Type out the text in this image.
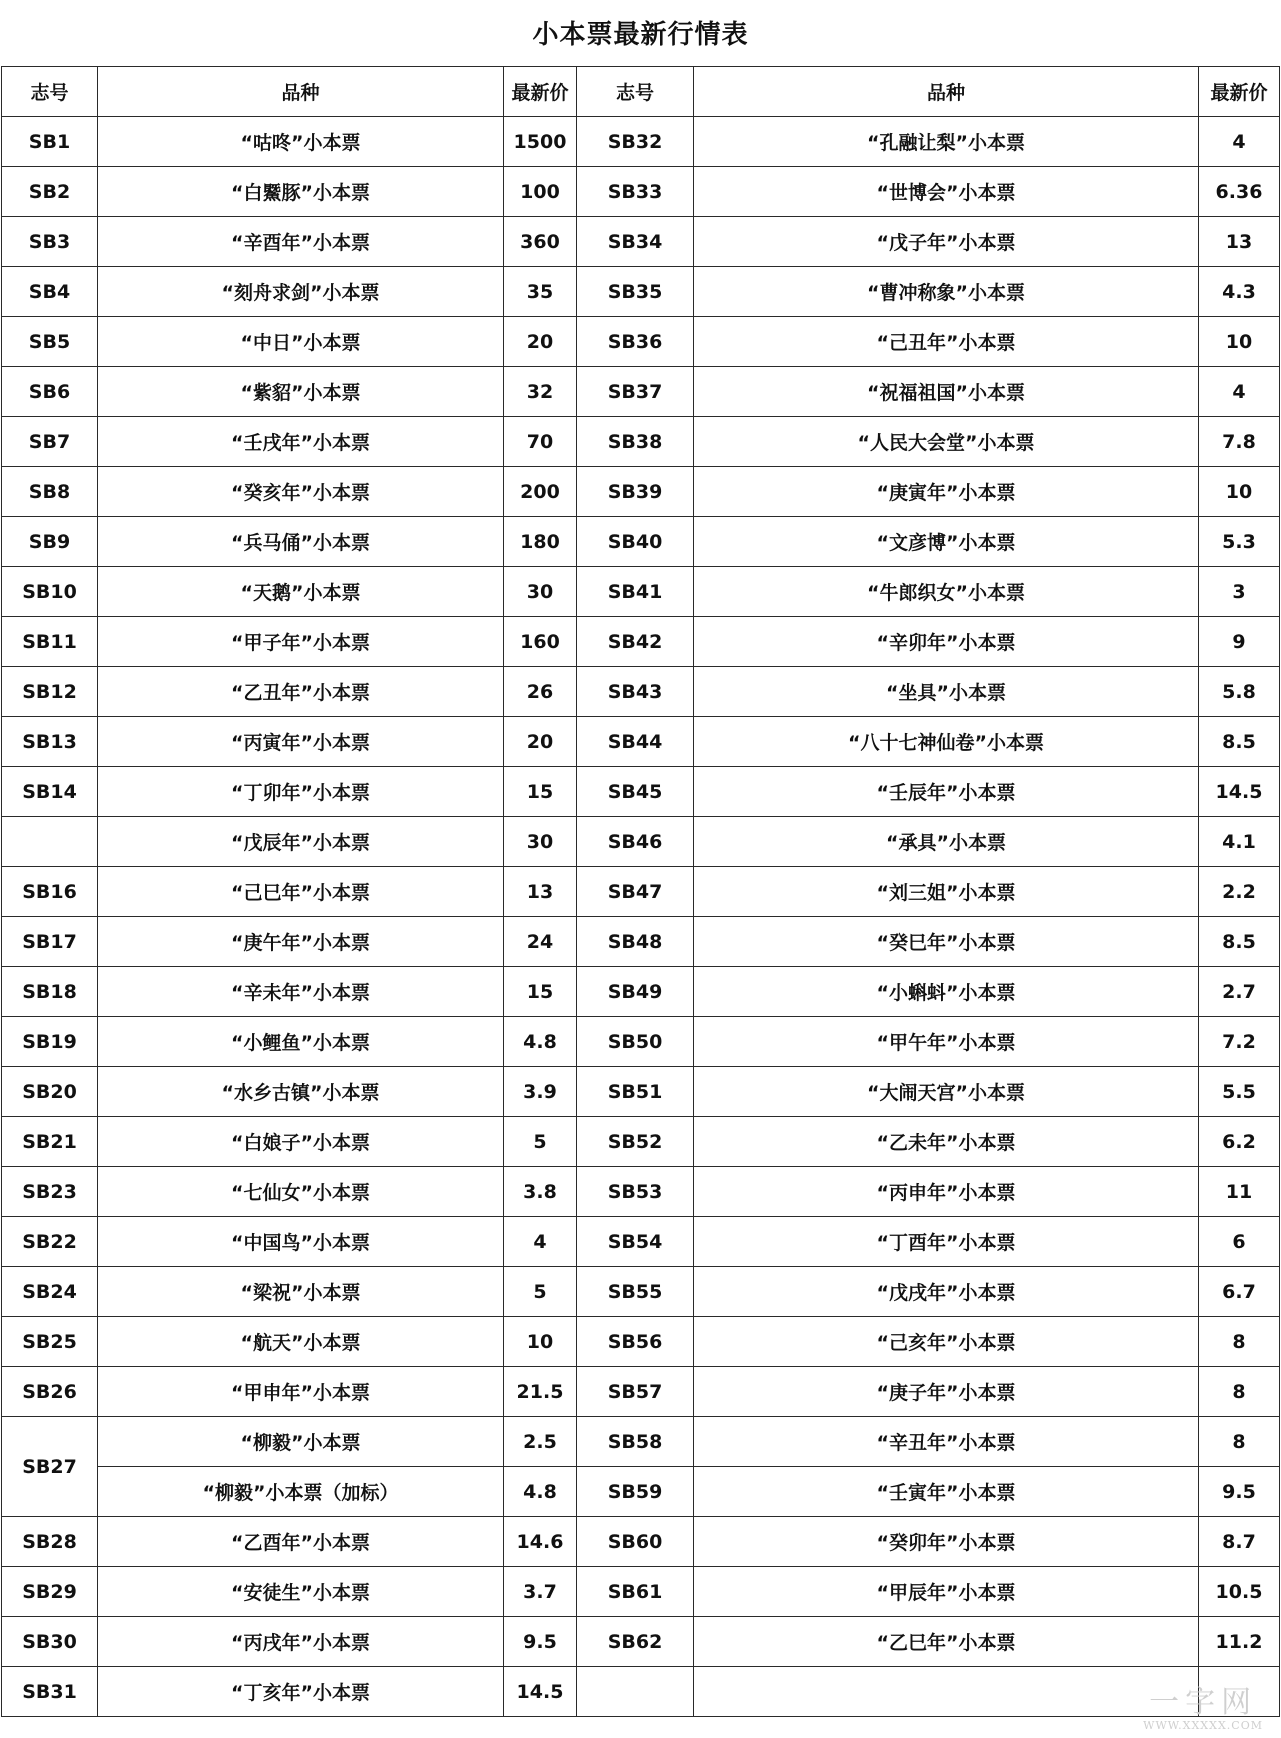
小本票最新行情表
志号	品种	最新价	志号	品种	最新价
SB1	“咕咚”小本票	1500	SB32	“孔融让梨”小本票	4
SB2	“白鱀豚”小本票	100	SB33	“世博会”小本票	6.36
SB3	“辛酉年”小本票	360	SB34	“戊子年”小本票	13
SB4	“刻舟求剑”小本票	35	SB35	“曹冲称象”小本票	4.3
SB5	“中日”小本票	20	SB36	“己丑年”小本票	10
SB6	“紫貂”小本票	32	SB37	“祝福祖国”小本票	4
SB7	“壬戌年”小本票	70	SB38	“人民大会堂”小本票	7.8
SB8	“癸亥年”小本票	200	SB39	“庚寅年”小本票	10
SB9	“兵马俑”小本票	180	SB40	“文彦博”小本票	5.3
SB10	“天鹅”小本票	30	SB41	“牛郎织女”小本票	3
SB11	“甲子年”小本票	160	SB42	“辛卯年”小本票	9
SB12	“乙丑年”小本票	26	SB43	“坐具”小本票	5.8
SB13	“丙寅年”小本票	20	SB44	“八十七神仙卷”小本票	8.5
SB14	“丁卯年”小本票	15	SB45	“壬辰年”小本票	14.5
	“戊辰年”小本票	30	SB46	“承具”小本票	4.1
SB16	“己巳年”小本票	13	SB47	“刘三姐”小本票	2.2
SB17	“庚午年”小本票	24	SB48	“癸巳年”小本票	8.5
SB18	“辛未年”小本票	15	SB49	“小蝌蚪”小本票	2.7
SB19	“小鲤鱼”小本票	4.8	SB50	“甲午年”小本票	7.2
SB20	“水乡古镇”小本票	3.9	SB51	“大闹天宫”小本票	5.5
SB21	“白娘子”小本票	5	SB52	“乙未年”小本票	6.2
SB23	“七仙女”小本票	3.8	SB53	“丙申年”小本票	11
SB22	“中国鸟”小本票	4	SB54	“丁酉年”小本票	6
SB24	“梁祝”小本票	5	SB55	“戊戌年”小本票	6.7
SB25	“航天”小本票	10	SB56	“己亥年”小本票	8
SB26	“甲申年”小本票	21.5	SB57	“庚子年”小本票	8
SB27	“柳毅”小本票	2.5	SB58	“辛丑年”小本票	8
	“柳毅”小本票（加标）	4.8	SB59	“壬寅年”小本票	9.5
SB28	“乙酉年”小本票	14.6	SB60	“癸卯年”小本票	8.7
SB29	“安徒生”小本票	3.7	SB61	“甲辰年”小本票	10.5
SB30	“丙戌年”小本票	9.5	SB62	“乙巳年”小本票	11.2
SB31	“丁亥年”小本票	14.5				一字网
WWW.XXXXX.COM
